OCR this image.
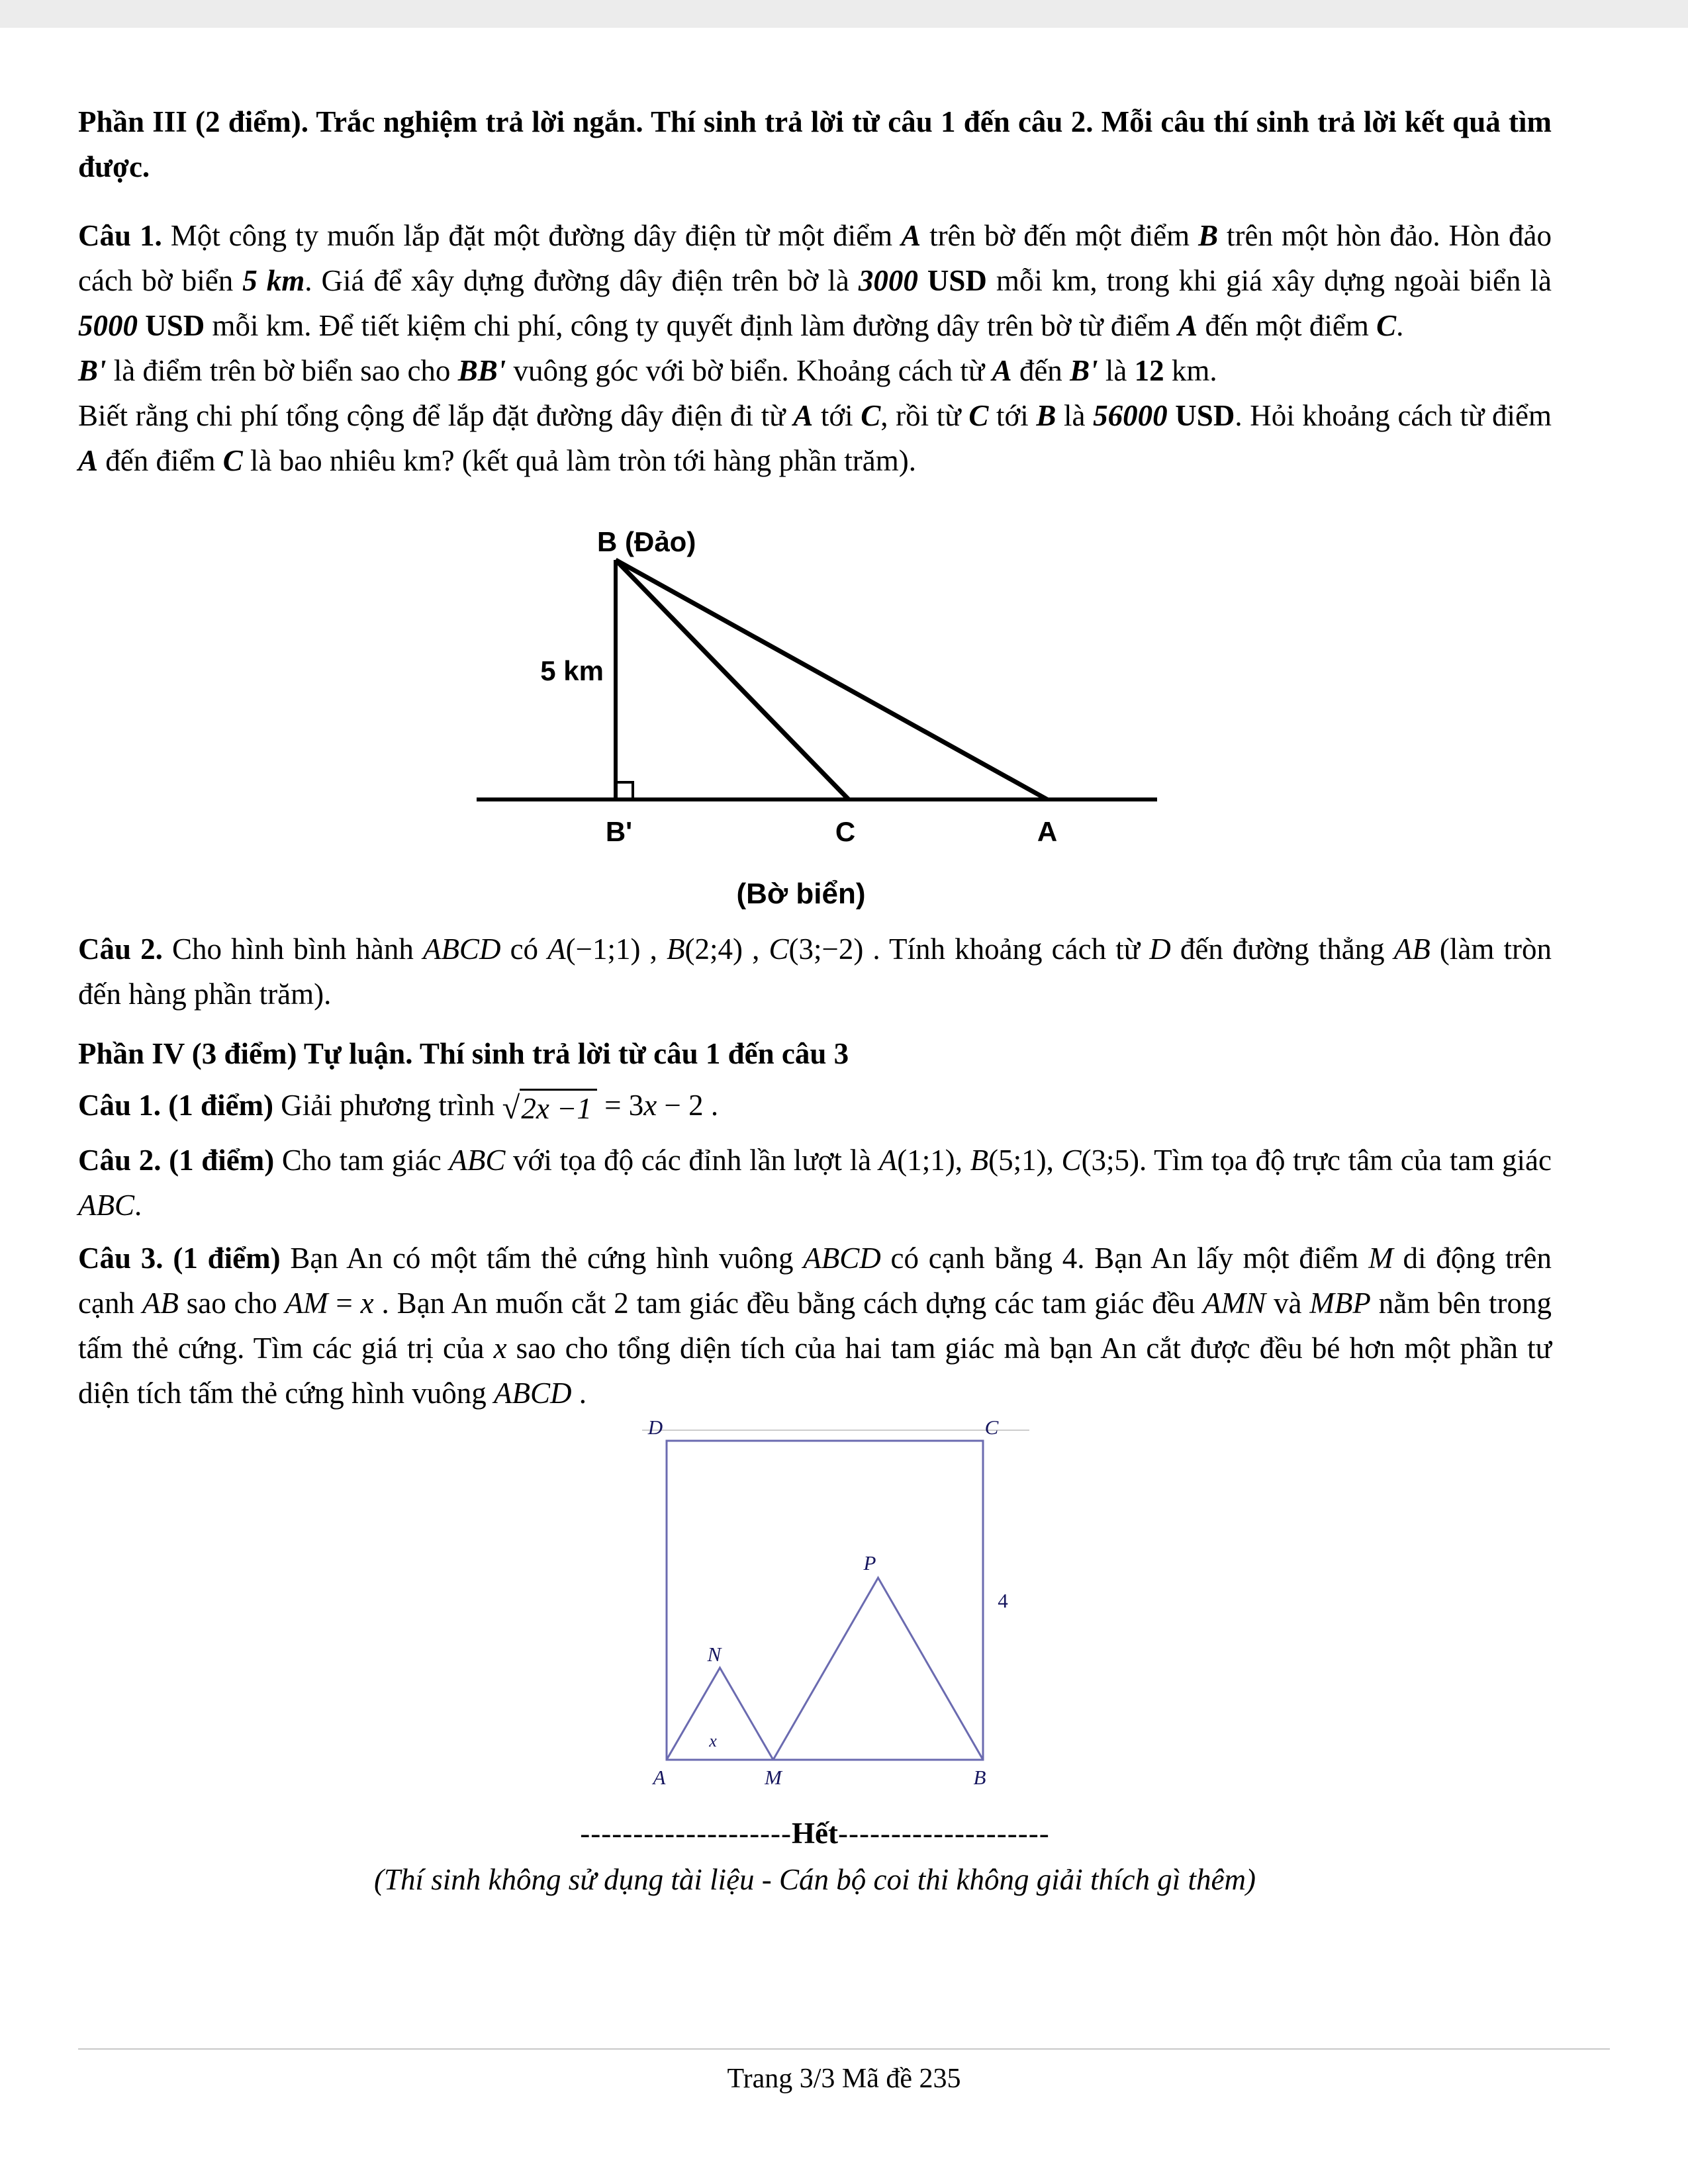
Phần III (2 điểm). Trắc nghiệm trả lời ngắn. Thí sinh trả lời từ câu 1 đến câu 2. Mỗi câu thí sinh trả lời kết quả tìm được.

Câu 1. Một công ty muốn lắp đặt một đường dây điện từ một điểm A trên bờ đến một điểm B trên một hòn đảo. Hòn đảo cách bờ biển 5 km. Giá để xây dựng đường dây điện trên bờ là 3000 USD mỗi km, trong khi giá xây dựng ngoài biển là 5000 USD mỗi km. Để tiết kiệm chi phí, công ty quyết định làm đường dây trên bờ từ điểm A đến một điểm C.

B' là điểm trên bờ biển sao cho BB' vuông góc với bờ biển. Khoảng cách từ A đến B' là 12 km.

Biết rằng chi phí tổng cộng để lắp đặt đường dây điện đi từ A tới C, rồi từ C tới B là 56000 USD. Hỏi khoảng cách từ điểm A đến điểm C là bao nhiêu km? (kết quả làm tròn tới hàng phần trăm).

B (Đảo)
5 km
B'	C	A
(Bờ biển)

Câu 2. Cho hình bình hành ABCD có A(−1;1) , B(2;4) , C(3;−2) . Tính khoảng cách từ D đến đường thẳng AB (làm tròn đến hàng phần trăm).

Phần IV (3 điểm) Tự luận. Thí sinh trả lời từ câu 1 đến câu 3

Câu 1. (1 điểm) Giải phương trình √2x −1 = 3x − 2 .

Câu 2. (1 điểm) Cho tam giác ABC với tọa độ các đỉnh lần lượt là A(1;1), B(5;1), C(3;5). Tìm tọa độ trực tâm của tam giác ABC.

Câu 3. (1 điểm) Bạn An có một tấm thẻ cứng hình vuông ABCD có cạnh bằng 4. Bạn An lấy một điểm M di động trên cạnh AB sao cho AM = x . Bạn An muốn cắt 2 tam giác đều bằng cách dựng các tam giác đều AMN và MBP nằm bên trong tấm thẻ cứng. Tìm các giá trị của x sao cho tổng diện tích của hai tam giác mà bạn An cắt được đều bé hơn một phần tư diện tích tấm thẻ cứng hình vuông ABCD .

D	C
A	B
M
N
P
x
4

--------------------Hết--------------------

(Thí sinh không sử dụng tài liệu - Cán bộ coi thi không giải thích gì thêm)

Trang 3/3 Mã đề 235
